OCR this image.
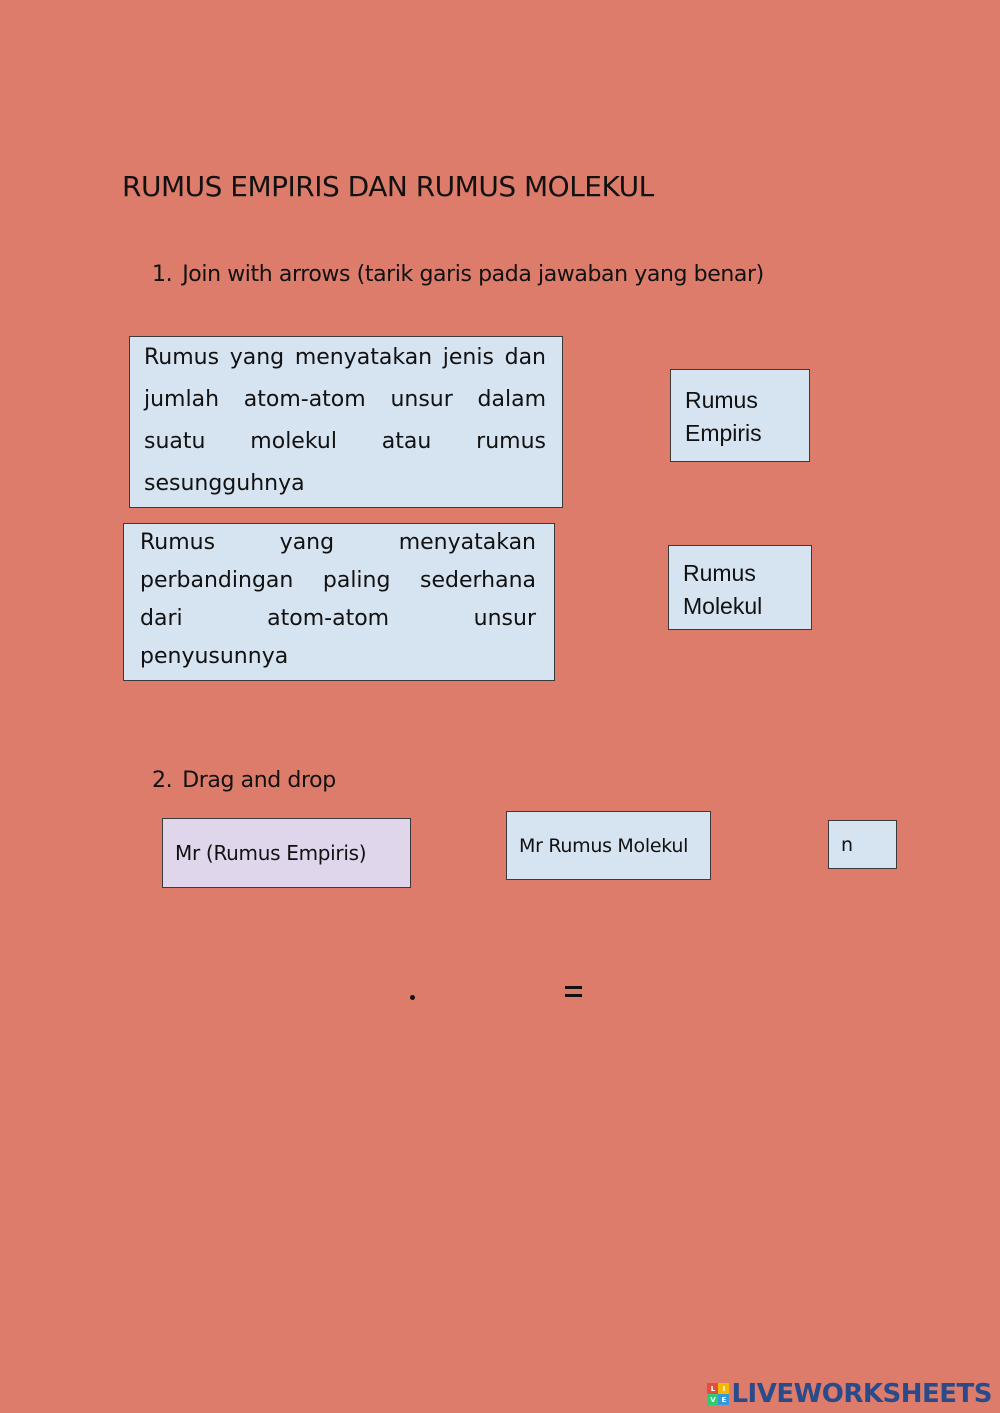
RUMUS EMPIRIS DAN RUMUS MOLEKUL
1. Join with arrows (tarik garis pada jawaban yang benar)
Rumus yang menyatakan jenis dan jumlah atom-atom unsur dalam suatu molekul atau rumus sesungguhnya
Rumus yang menyatakan perbandingan paling sederhana dari atom-atom unsur penyusunnya
Rumus
Empiris
Rumus
Molekul
2. Drag and drop
Mr (Rumus Empiris)	Mr Rumus Molekul	n
L	I
V E LIVEWORKSHEETS
